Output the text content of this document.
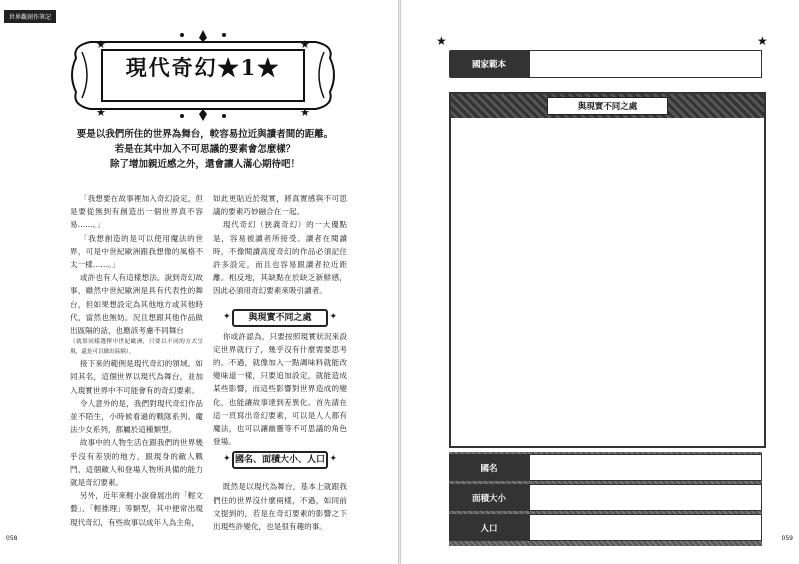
世界觀創作筆記
★	★
★	★
現代奇幻★1★
要是以我們所住的世界為舞台，較容易拉近與讀者間的距離。
若是在其中加入不可思議的要素會怎麼樣？
除了增加親近感之外，還會讓人滿心期待吧！

「我想要在故事裡加入奇幻設定，但是要從無到有創造出一個世界真不容易……。」

「我想創造的是可以使用魔法的世界，可是中世紀歐洲跟我想像的風格不太一樣……。」

或許也有人有這樣想法。說到奇幻故事，雖然中世紀歐洲是具有代表性的舞台，但如果想設定為其他地方或其他時代，當然也無妨。況且想跟其他作品做出區隔的話，也應該考慮不同舞台

（就算同樣選擇中世紀歐洲，只要以不同的方式呈現，還是可以做出區隔）。

接下來的範例是現代奇幻的領域。如同其名，這個世界以現代為舞台，並加入現實世界中不可能會有的奇幻要素。

令人意外的是，我們對現代奇幻作品並不陌生，小時候看過的戰隊系列、魔法少女系列，都屬於這種類型。

故事中的人物生活在跟我們的世界幾乎沒有差別的地方，跟現身的敵人戰鬥，這個敵人和登場人物所具備的能力就是奇幻要素。

另外，近年來輕小說發展出的「輕文藝」、「輕推理」等類型，其中便常出現現代奇幻，有些故事以成年人為主角，

如此更貼近於現實，將真實感與不可思議的要素巧妙融合在一起。

現代奇幻（狹義奇幻）的一大優點是，容易被讀者所接受。讀者在閱讀時，不像閱讀高度奇幻的作品必須記住許多設定，而且也容易跟讀者拉近距離。相反地，其缺點在於缺乏新鮮感，因此必須用奇幻要素來吸引讀者。

你或許認為，只要按照現實狀況來設定世界就行了，幾乎沒有什麼需要思考的。不過，就像加入一點調味料就能改變味道一樣，只要追加設定，就能造成某些影響，而這些影響對世界造成的變化，也能讓故事達到差異化。首先請在這一頁寫出奇幻要素，可以是人人都有魔法，也可以讓幽靈等不可思議的角色登場。

既然是以現代為舞台，基本上就跟我們住的世界沒什麼兩樣，不過，如同前文提到的，若是在奇幻要素的影響之下出現些許變化，也是很有趣的事。

✦	與現實不同之處	✦
✦ 國名、面積大小、人口 ✦
058	059
★	★
國家範本
與現實不同之處
國名
面積大小
人口
